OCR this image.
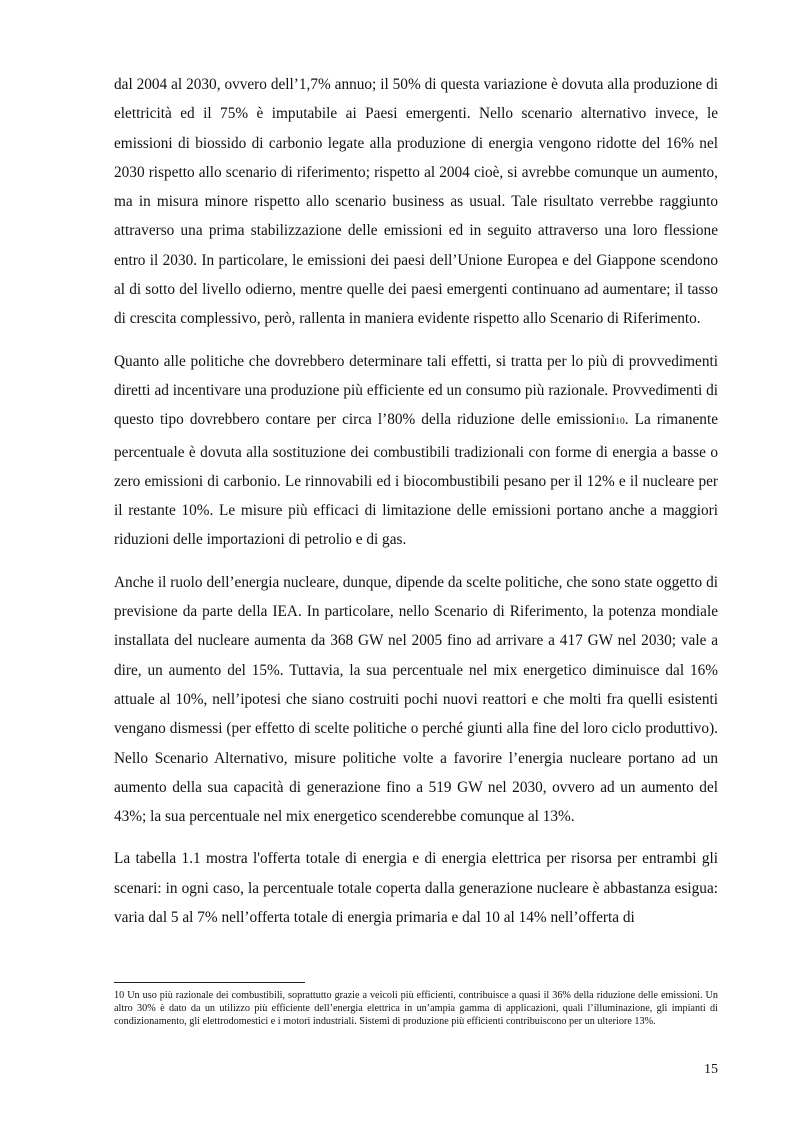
dal 2004 al 2030, ovvero dell’1,7% annuo; il 50% di questa variazione è dovuta alla produzione di elettricità ed il 75% è imputabile ai Paesi emergenti. Nello scenario alternativo invece, le emissioni di biossido di carbonio legate alla produzione di energia vengono ridotte del 16% nel 2030 rispetto allo scenario di riferimento; rispetto al 2004 cioè, si avrebbe comunque un aumento, ma in misura minore rispetto allo scenario business as usual. Tale risultato verrebbe raggiunto attraverso una prima stabilizzazione delle emissioni ed in seguito attraverso una loro flessione entro il 2030. In particolare, le emissioni dei paesi dell’Unione Europea e del Giappone scendono al di sotto del livello odierno, mentre quelle dei paesi emergenti continuano ad aumentare; il tasso di crescita complessivo, però, rallenta in maniera evidente rispetto allo Scenario di Riferimento.

Quanto alle politiche che dovrebbero determinare tali effetti, si tratta per lo più di provvedimenti diretti ad incentivare una produzione più efficiente ed un consumo più razionale. Provvedimenti di questo tipo dovrebbero contare per circa l’80% della riduzione delle emissioni10. La rimanente percentuale è dovuta alla sostituzione dei combustibili tradizionali con forme di energia a basse o zero emissioni di carbonio. Le rinnovabili ed i biocombustibili pesano per il 12% e il nucleare per il restante 10%. Le misure più efficaci di limitazione delle emissioni portano anche a maggiori riduzioni delle importazioni di petrolio e di gas.

Anche il ruolo dell’energia nucleare, dunque, dipende da scelte politiche, che sono state oggetto di previsione da parte della IEA. In particolare, nello Scenario di Riferimento, la potenza mondiale installata del nucleare aumenta da 368 GW nel 2005 fino ad arrivare a 417 GW nel 2030; vale a dire, un aumento del 15%. Tuttavia, la sua percentuale nel mix energetico diminuisce dal 16% attuale al 10%, nell’ipotesi che siano costruiti pochi nuovi reattori e che molti fra quelli esistenti vengano dismessi (per effetto di scelte politiche o perché giunti alla fine del loro ciclo produttivo). Nello Scenario Alternativo, misure politiche volte a favorire l’energia nucleare portano ad un aumento della sua capacità di generazione fino a 519 GW nel 2030, ovvero ad un aumento del 43%; la sua percentuale nel mix energetico scenderebbe comunque al 13%.

La tabella 1.1 mostra l'offerta totale di energia e di energia elettrica per risorsa per entrambi gli scenari: in ogni caso, la percentuale totale coperta dalla generazione nucleare è abbastanza esigua: varia dal 5 al 7% nell’offerta totale di energia primaria e dal 10 al 14% nell’offerta di

10 Un uso più razionale dei combustibili, soprattutto grazie a veicoli più efficienti, contribuisce a quasi il 36% della riduzione delle emissioni. Un altro 30% è dato da un utilizzo più efficiente dell’energia elettrica in un’ampia gamma di applicazioni, quali l’illuminazione, gli impianti di condizionamento, gli elettrodomestici e i motori industriali. Sistemi di produzione più efficienti contribuiscono per un ulteriore 13%.
15
